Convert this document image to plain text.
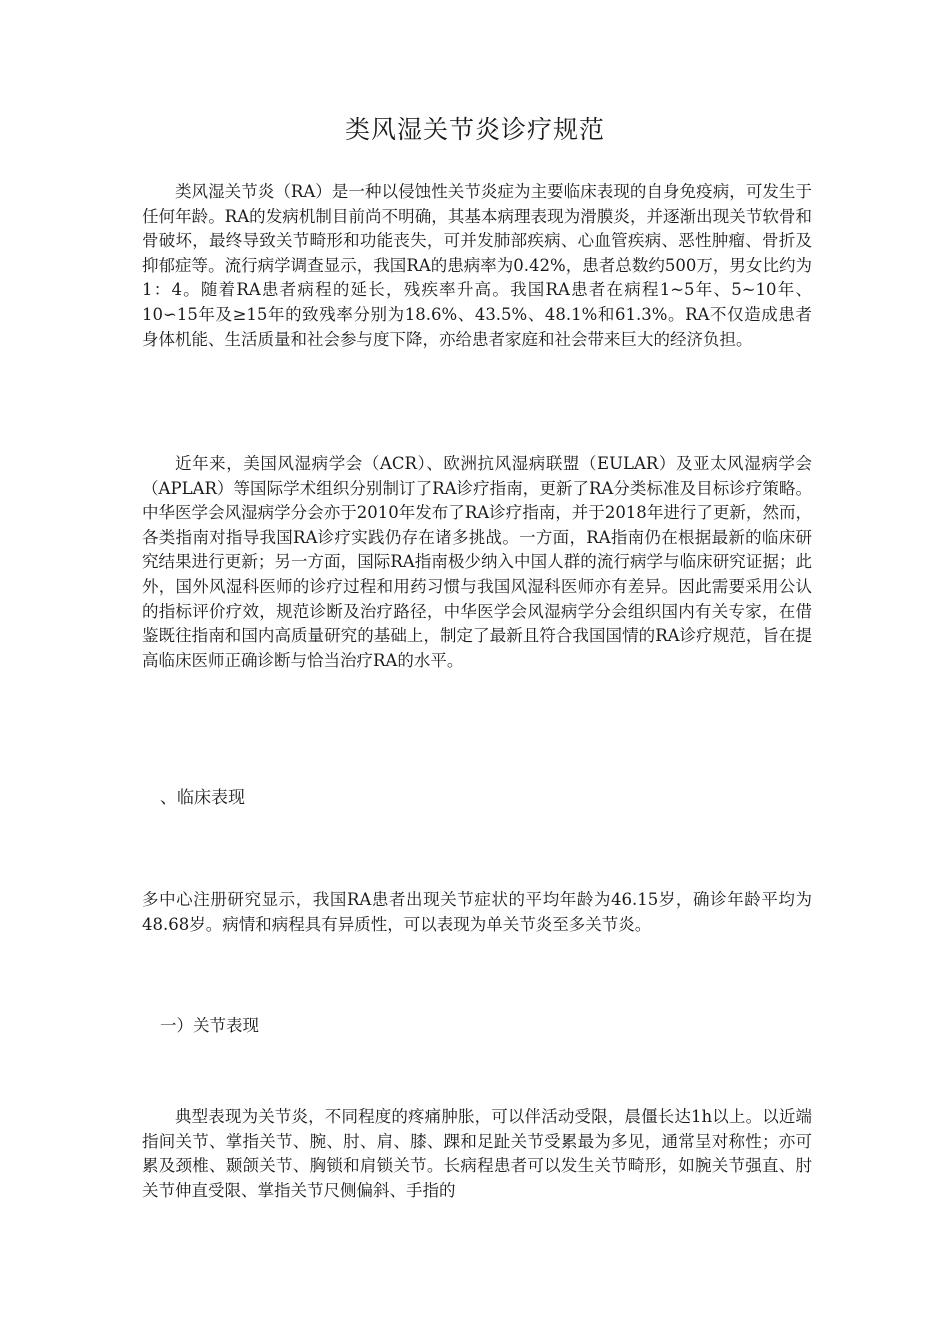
类风湿关节炎诊疗规范

类风湿关节炎（RA）是一种以侵蚀性关节炎症为主要临床表现的自身免疫病，可发生于任何年龄。RA的发病机制目前尚不明确，其基本病理表现为滑膜炎，并逐渐出现关节软骨和骨破坏，最终导致关节畸形和功能丧失，可并发肺部疾病、心血管疾病、恶性肿瘤、骨折及抑郁症等。流行病学调查显示，我国RA的患病率为0.42%，患者总数约500万，男女比约为1：4。随着RA患者病程的延长，残疾率升高。我国RA患者在病程1~5年、5~10年、10∽15年及≥15年的致残率分别为18.6%、43.5%、48.1%和61.3%。RA不仅造成患者身体机能、生活质量和社会参与度下降，亦给患者家庭和社会带来巨大的经济负担。

近年来，美国风湿病学会（ACR）、欧洲抗风湿病联盟（EULAR）及亚太风湿病学会（APLAR）等国际学术组织分别制订了RA诊疗指南，更新了RA分类标准及目标诊疗策略。中华医学会风湿病学分会亦于2010年发布了RA诊疗指南，并于2018年进行了更新，然而，各类指南对指导我国RA诊疗实践仍存在诸多挑战。一方面，RA指南仍在根据最新的临床研究结果进行更新；另一方面，国际RA指南极少纳入中国人群的流行病学与临床研究证据；此外，国外风湿科医师的诊疗过程和用药习惯与我国风湿科医师亦有差异。因此需要采用公认的指标评价疗效，规范诊断及治疗路径，中华医学会风湿病学分会组织国内有关专家，在借鉴既往指南和国内高质量研究的基础上，制定了最新且符合我国国情的RA诊疗规范，旨在提高临床医师正确诊断与恰当治疗RA的水平。

、临床表现

多中心注册研究显示，我国RA患者出现关节症状的平均年龄为46.15岁，确诊年龄平均为48.68岁。病情和病程具有异质性，可以表现为单关节炎至多关节炎。

一）关节表现

典型表现为关节炎，不同程度的疼痛肿胀，可以伴活动受限，晨僵长达1h以上。以近端指间关节、掌指关节、腕、肘、肩、膝、踝和足趾关节受累最为多见，通常呈对称性；亦可累及颈椎、颞颌关节、胸锁和肩锁关节。长病程患者可以发生关节畸形，如腕关节强直、肘关节伸直受限、掌指关节尺侧偏斜、手指的
